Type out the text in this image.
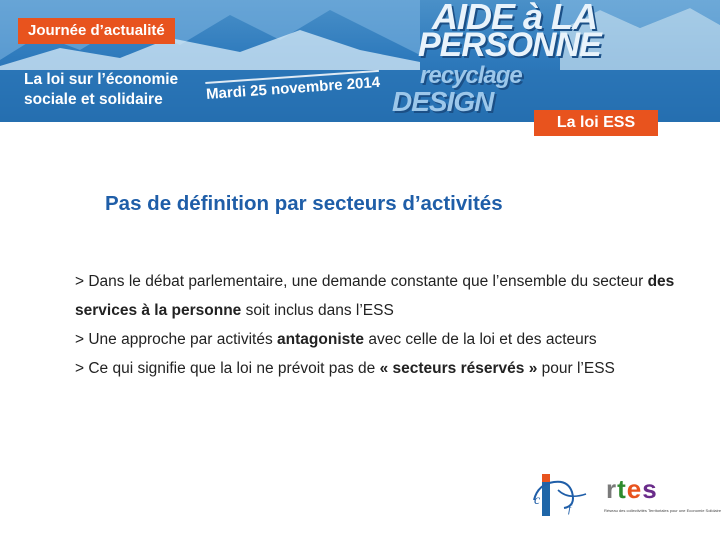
Journée d’actualité
La loi sur l’économie
sociale et solidaire	Mardi 25 novembre 2014
AIDE à LA
PERSONNE
recyclage
DESIGN
La loi ESS
Pas de définition par secteurs d’activités

> Dans le débat parlementaire, une demande constante que l’ensemble du secteur des

services à la personne soit inclus dans l’ESS

> Une approche par activités antagoniste avec celle de la loi et des acteurs

> Ce qui signifie que la loi ne prévoit pas de « secteurs réservés » pour l’ESS

c
f
rtes
Réseau des collectivités Territoriales pour une Economie Solidaire
